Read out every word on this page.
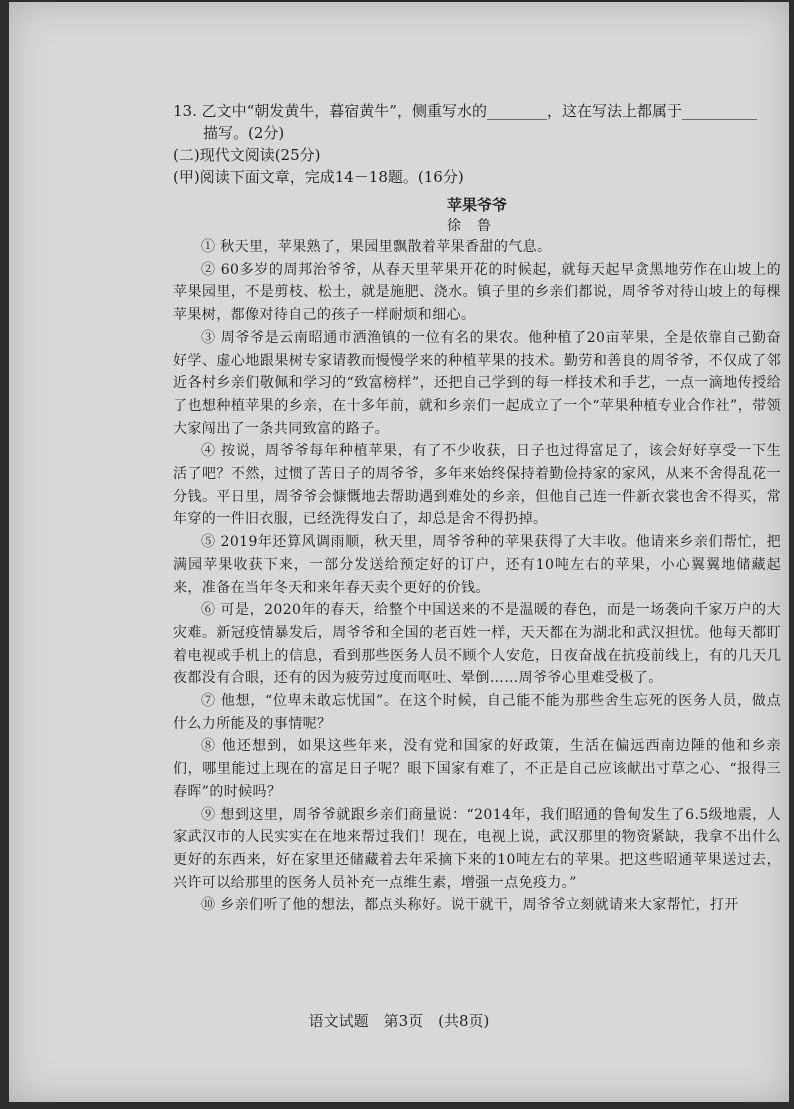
13. 乙文中“朝发黄牛，暮宿黄牛”，侧重写水的________，这在写法上都属于__________
描写。(2分)
(二)现代文阅读(25分)
(甲)阅读下面文章，完成14－18题。(16分)
苹果爷爷
徐鲁

① 秋天里，苹果熟了，果园里飘散着苹果香甜的气息。

② 60多岁的周邦治爷爷，从春天里苹果开花的时候起，就每天起早贪黑地劳作在山坡上的苹果园里，不是剪枝、松土，就是施肥、浇水。镇子里的乡亲们都说，周爷爷对待山坡上的每棵苹果树，都像对待自己的孩子一样耐烦和细心。

③ 周爷爷是云南昭通市洒渔镇的一位有名的果农。他种植了20亩苹果，全是依靠自己勤奋好学、虚心地跟果树专家请教而慢慢学来的种植苹果的技术。勤劳和善良的周爷爷，不仅成了邻近各村乡亲们敬佩和学习的“致富榜样”，还把自己学到的每一样技术和手艺，一点一滴地传授给了也想种植苹果的乡亲，在十多年前，就和乡亲们一起成立了一个“苹果种植专业合作社”，带领大家闯出了一条共同致富的路子。

④ 按说，周爷爷每年种植苹果，有了不少收获，日子也过得富足了，该会好好享受一下生活了吧？不然，过惯了苦日子的周爷爷，多年来始终保持着勤俭持家的家风，从来不舍得乱花一分钱。平日里，周爷爷会慷慨地去帮助遇到难处的乡亲，但他自己连一件新衣裳也舍不得买，常年穿的一件旧衣服，已经洗得发白了，却总是舍不得扔掉。

⑤ 2019年还算风调雨顺，秋天里，周爷爷种的苹果获得了大丰收。他请来乡亲们帮忙，把满园苹果收获下来，一部分发送给预定好的订户，还有10吨左右的苹果，小心翼翼地储藏起来，准备在当年冬天和来年春天卖个更好的价钱。

⑥ 可是，2020年的春天，给整个中国送来的不是温暖的春色，而是一场袭向千家万户的大灾难。新冠疫情暴发后，周爷爷和全国的老百姓一样，天天都在为湖北和武汉担忧。他每天都盯着电视或手机上的信息，看到那些医务人员不顾个人安危，日夜奋战在抗疫前线上，有的几天几夜都没有合眼，还有的因为疲劳过度而呕吐、晕倒……周爷爷心里难受极了。

⑦ 他想，“位卑未敢忘忧国”。在这个时候，自己能不能为那些舍生忘死的医务人员，做点什么力所能及的事情呢？

⑧ 他还想到，如果这些年来，没有党和国家的好政策，生活在偏远西南边陲的他和乡亲们，哪里能过上现在的富足日子呢？眼下国家有难了，不正是自己应该献出寸草之心、“报得三春晖”的时候吗？

⑨ 想到这里，周爷爷就跟乡亲们商量说：“2014年，我们昭通的鲁甸发生了6.5级地震，人家武汉市的人民实实在在地来帮过我们！现在，电视上说，武汉那里的物资紧缺，我拿不出什么更好的东西来，好在家里还储藏着去年采摘下来的10吨左右的苹果。把这些昭通苹果送过去，兴许可以给那里的医务人员补充一点维生素，增强一点免疫力。”

⑩ 乡亲们听了他的想法，都点头称好。说干就干，周爷爷立刻就请来大家帮忙，打开

语文试题　第3页　(共8页)
